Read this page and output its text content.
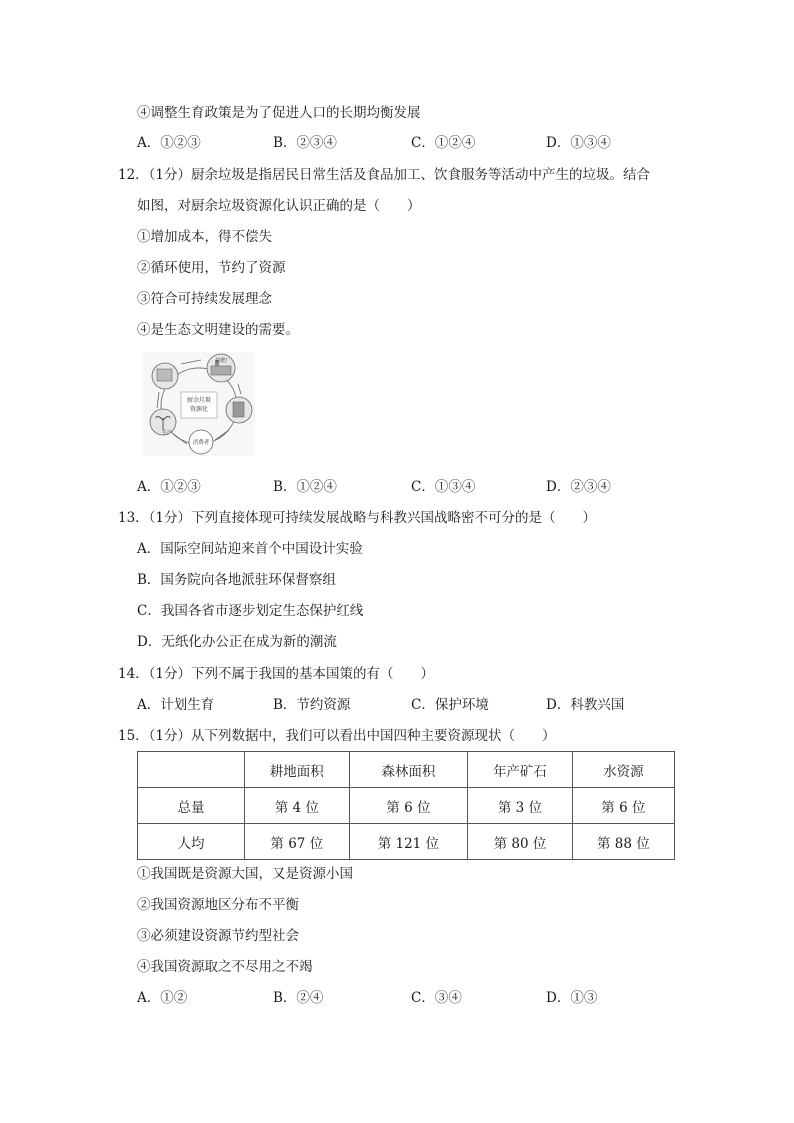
④调整生育政策是为了促进人口的长期均衡发展
A．①②③	B．②③④	C．①②④	D．①③④
12．（1分）厨余垃圾是指居民日常生活及食品加工、饮食服务等活动中产生的垃圾。结合
如图，对厨余垃圾资源化认识正确的是（　　）
①增加成本，得不偿失
②循环使用，节约了资源
③符合可持续发展理念
④是生态文明建设的需要。
厨余垃圾
资源化
饲肥厂
生产
消费者
A．①②③	B．①②④	C．①③④	D．②③④
13．（1分）下列直接体现可持续发展战略与科教兴国战略密不可分的是（　　）
A．国际空间站迎来首个中国设计实验
B．国务院向各地派驻环保督察组
C．我国各省市逐步划定生态保护红线
D．无纸化办公正在成为新的潮流
14．（1分）下列不属于我国的基本国策的有（　　）
A．计划生育	B．节约资源	C．保护环境	D．科教兴国
15．（1分）从下列数据中，我们可以看出中国四种主要资源现状（　　）
	耕地面积	森林面积	年产矿石	水资源
总量	第 4 位	第 6 位	第 3 位	第 6 位
人均	第 67 位	第 121 位	第 80 位	第 88 位
①我国既是资源大国，又是资源小国
②我国资源地区分布不平衡
③必须建设资源节约型社会
④我国资源取之不尽用之不竭
A．①②	B．②④	C．③④	D．①③
